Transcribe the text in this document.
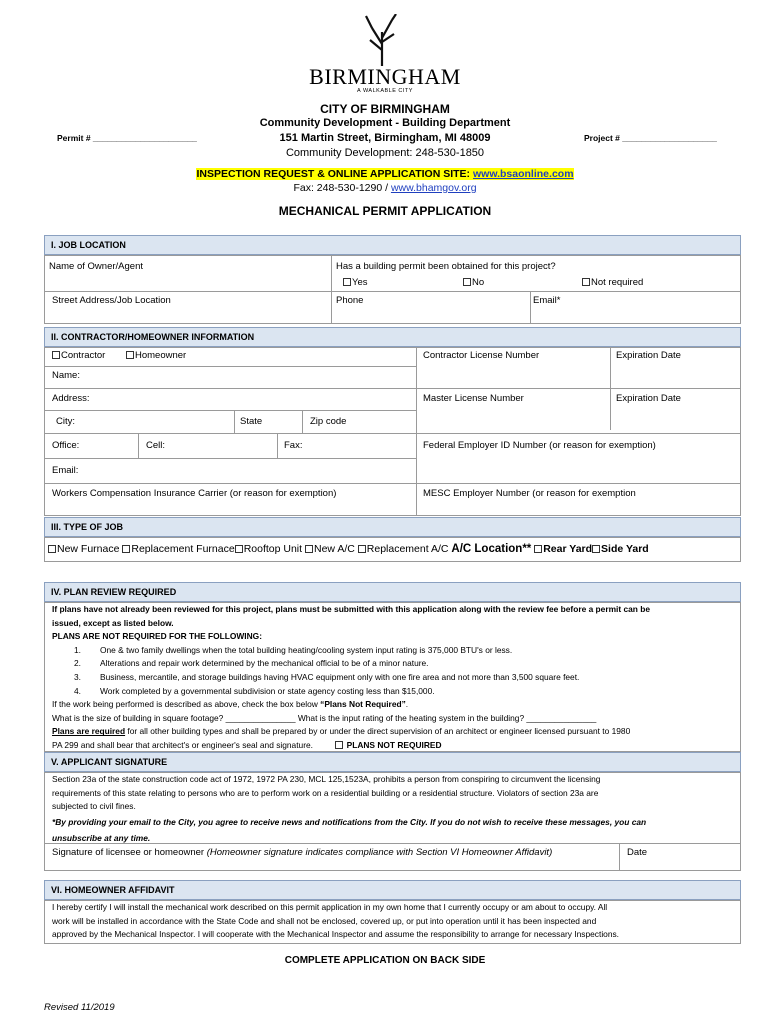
BIRMINGHAM
A WALKABLE CITY
CITY OF BIRMINGHAM
Community Development - Building Department
151 Martin Street, Birmingham, MI 48009
Community Development: 248-530-1850
Permit # ______________________	Project # ____________________
INSPECTION REQUEST & ONLINE APPLICATION SITE: www.bsaonline.com
Fax: 248-530-1290 / www.bhamgov.org
MECHANICAL PERMIT APPLICATION
I. JOB LOCATION
Name of Owner/Agent	Has a building permit been obtained for this project?
Yes	No	Not required
Street Address/Job Location	Phone	Email*
II. CONTRACTOR/HOMEOWNER INFORMATION
Contractor	Homeowner	Contractor License Number	Expiration Date
Name:
Address:	Master License Number	Expiration Date
City:	State	Zip code
Office:	Cell:	Fax:	Federal Employer ID Number (or reason for exemption)
Email:
Workers Compensation Insurance Carrier (or reason for exemption)	MESC Employer Number (or reason for exemption
III. TYPE OF JOB
New Furnace Replacement Furnace Rooftop Unit New A/C Replacement A/C A/C Location** Rear Yard Side Yard
IV. PLAN REVIEW REQUIRED
If plans have not already been reviewed for this project, plans must be submitted with this application along with the review fee before a permit can be
issued, except as listed below.
PLANS ARE NOT REQUIRED FOR THE FOLLOWING:
1. One & two family dwellings when the total building heating/cooling system input rating is 375,000 BTU's or less.
2. Alterations and repair work determined by the mechanical official to be of a minor nature.
3. Business, mercantile, and storage buildings having HVAC equipment only with one fire area and not more than 3,500 square feet.
4. Work completed by a governmental subdivision or state agency costing less than $15,000.
If the work being performed is described as above, check the box below “Plans Not Required”.
What is the size of building in square footage? _______________ What is the input rating of the heating system in the building? _______________
Plans are required for all other building types and shall be prepared by or under the direct supervision of an architect or engineer licensed pursuant to 1980
PA 299 and shall bear that architect's or engineer's seal and signature.	PLANS NOT REQUIRED
V. APPLICANT SIGNATURE
Section 23a of the state construction code act of 1972, 1972 PA 230, MCL 125,1523A, prohibits a person from conspiring to circumvent the licensing
requirements of this state relating to persons who are to perform work on a residential building or a residential structure. Violators of section 23a are
subjected to civil fines.
*By providing your email to the City, you agree to receive news and notifications from the City. If you do not wish to receive these messages, you can
unsubscribe at any time.
Signature of licensee or homeowner (Homeowner signature indicates compliance with Section VI Homeowner Affidavit)	Date
VI. HOMEOWNER AFFIDAVIT
I hereby certify I will install the mechanical work described on this permit application in my own home that I currently occupy or am about to occupy. All
work will be installed in accordance with the State Code and shall not be enclosed, covered up, or put into operation until it has been inspected and
approved by the Mechanical Inspector. I will cooperate with the Mechanical Inspector and assume the responsibility to arrange for necessary Inspections.
COMPLETE APPLICATION ON BACK SIDE
Revised 11/2019
